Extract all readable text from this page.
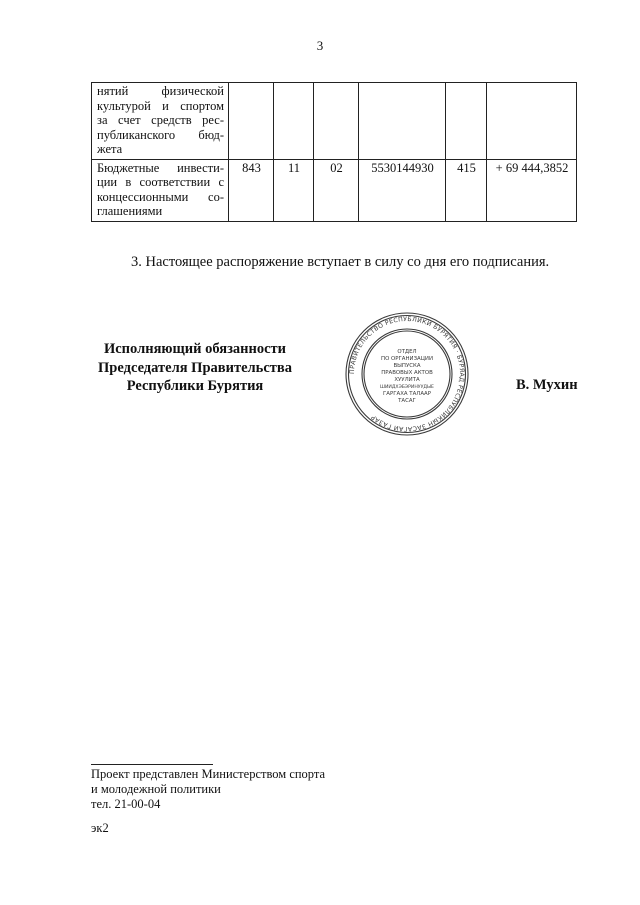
3
нятий физической
культурой и спортом
за счет средств рес-
публиканского бюд-
жета						

Бюджетные инвести-
ции в соответствии с
концессионными со-
глашениями	843	11	02	5530144930	415	+ 69 444,3852
3. Настоящее распоряжение вступает в силу со дня его подписания.
Исполняющий обязанности
Председателя Правительства
Республики Бурятия
ПРАВИТЕЛЬСТВО РЕСПУБЛИКИ БУРЯТИЯ · БУРЯАД РЕСПУБЛИКЫН ЗАСАГАЙ ГАЗАР
ОТДЕЛ
ПО ОРГАНИЗАЦИИ
ВЫПУСКА
ПРАВОВЫХ АКТОВ
ХУУЛИТА
ШИИДХЭБЭРИНУУДЫЕ
ГАРГАХА ТАЛААР
ТАСАГ
В. Мухин
Проект представлен Министерством спорта
и молодежной политики
тел. 21-00-04
эк2
